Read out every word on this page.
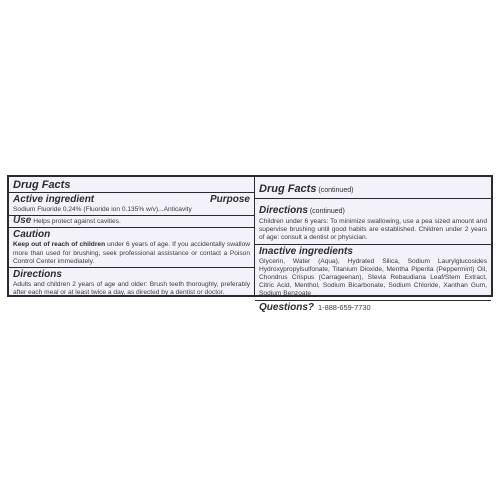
Drug Facts
Active ingredient	Purpose
Sodium Fluoride 0.24% (Fluoride ion 0.135% w/v)...Anticavity
Use Helps protect against cavities.
Caution
Keep out of reach of children under 6 years of age. If you accidentally swallow more than used for brushing, seek professional assistance or contact a Poison Control Center immediately.
Directions
Adults and children 2 years of age and older: Brush teeth thoroughly, preferably after each meal or at least twice a day, as directed by a dentist or doctor.
Drug Facts (continued)
Directions (continued)
Children under 6 years: To minimize swallowing, use a pea sized amount and supervise brushing until good habits are established. Children under 2 years of age: consult a dentist or physician.
Inactive ingredients
Glycerin, Water (Aqua), Hydrated Silica, Sodium Laurylglucosides Hydroxypropylsulfonate, Titanium Dioxide, Mentha Piperita (Peppermint) Oil, Chondrus Crispus (Carrageenan), Stevia Rebaudiana Leaf/Stem Extract, Citric Acid, Menthol, Sodium Bicarbonate, Sodium Chloride, Xanthan Gum, Sodium Benzoate
Questions? 1-888-659-7730
